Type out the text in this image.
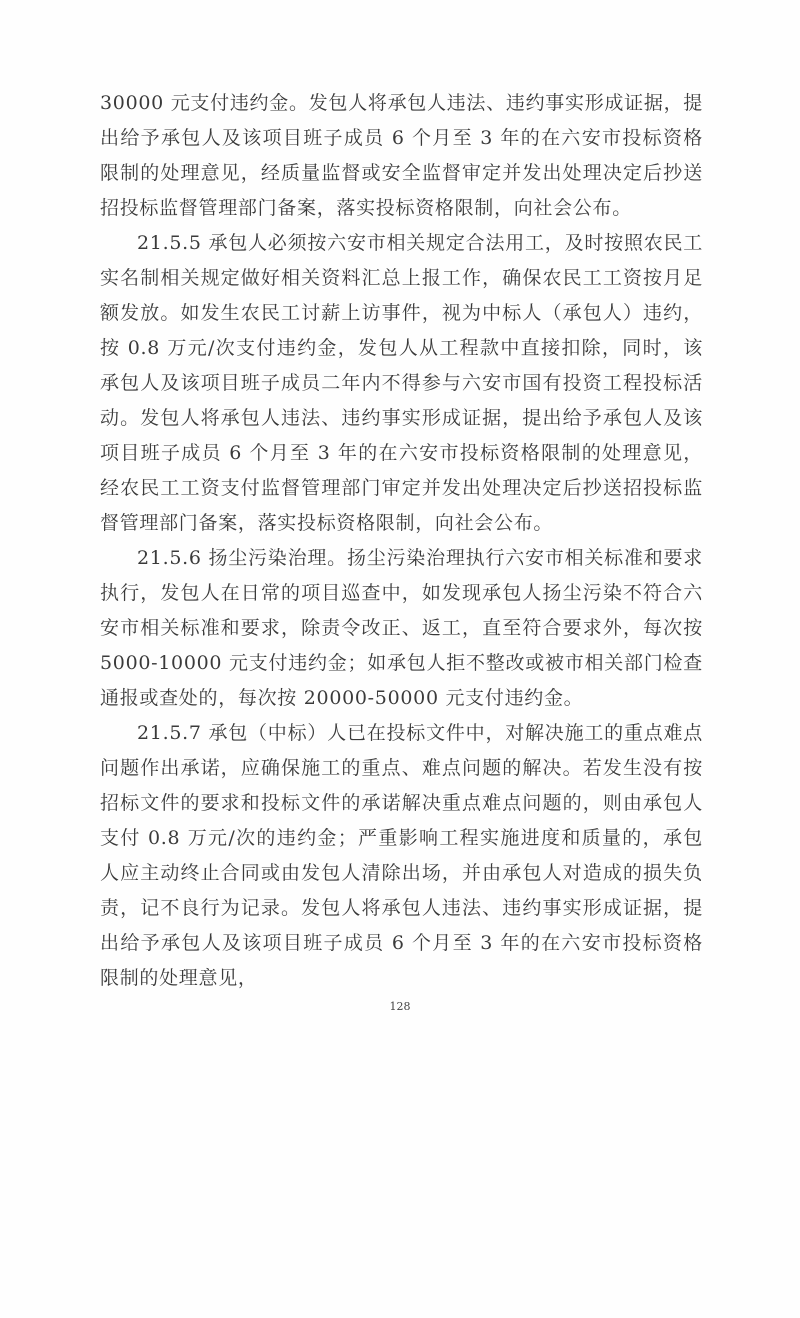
30000 元支付违约金。发包人将承包人违法、违约事实形成证据，提出给予承包人及该项目班子成员 6 个月至 3 年的在六安市投标资格限制的处理意见，经质量监督或安全监督审定并发出处理决定后抄送招投标监督管理部门备案，落实投标资格限制，向社会公布。

21.5.5 承包人必须按六安市相关规定合法用工，及时按照农民工实名制相关规定做好相关资料汇总上报工作，确保农民工工资按月足额发放。如发生农民工讨薪上访事件，视为中标人（承包人）违约，按 0.8 万元/次支付违约金，发包人从工程款中直接扣除，同时，该承包人及该项目班子成员二年内不得参与六安市国有投资工程投标活动。发包人将承包人违法、违约事实形成证据，提出给予承包人及该项目班子成员 6 个月至 3 年的在六安市投标资格限制的处理意见，经农民工工资支付监督管理部门审定并发出处理决定后抄送招投标监督管理部门备案，落实投标资格限制，向社会公布。

21.5.6 扬尘污染治理。扬尘污染治理执行六安市相关标准和要求执行，发包人在日常的项目巡查中，如发现承包人扬尘污染不符合六安市相关标准和要求，除责令改正、返工，直至符合要求外，每次按 5000-10000 元支付违约金；如承包人拒不整改或被市相关部门检查通报或查处的，每次按 20000-50000 元支付违约金。

21.5.7 承包（中标）人已在投标文件中，对解决施工的重点难点问题作出承诺，应确保施工的重点、难点问题的解决。若发生没有按招标文件的要求和投标文件的承诺解决重点难点问题的，则由承包人支付 0.8 万元/次的违约金；严重影响工程实施进度和质量的，承包人应主动终止合同或由发包人清除出场，并由承包人对造成的损失负责，记不良行为记录。发包人将承包人违法、违约事实形成证据，提出给予承包人及该项目班子成员 6 个月至 3 年的在六安市投标资格限制的处理意见，

128
